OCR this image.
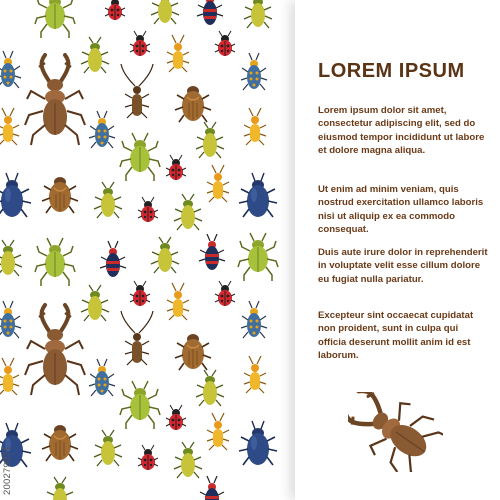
200279071
LOREM IPSUM

Lorem ipsum dolor sit amet, consectetur adipiscing elit, sed do eiusmod tempor incididunt ut labore et dolore magna aliqua.

Ut enim ad minim veniam, quis nostrud exercitation ullamco laboris nisi ut aliquip ex ea commodo consequat.

Duis aute irure dolor in reprehenderit in voluptate velit esse cillum dolore eu fugiat nulla pariatur.

Excepteur sint occaecat cupidatat non proident, sunt in culpa qui officia deserunt mollit anim id est laborum.
